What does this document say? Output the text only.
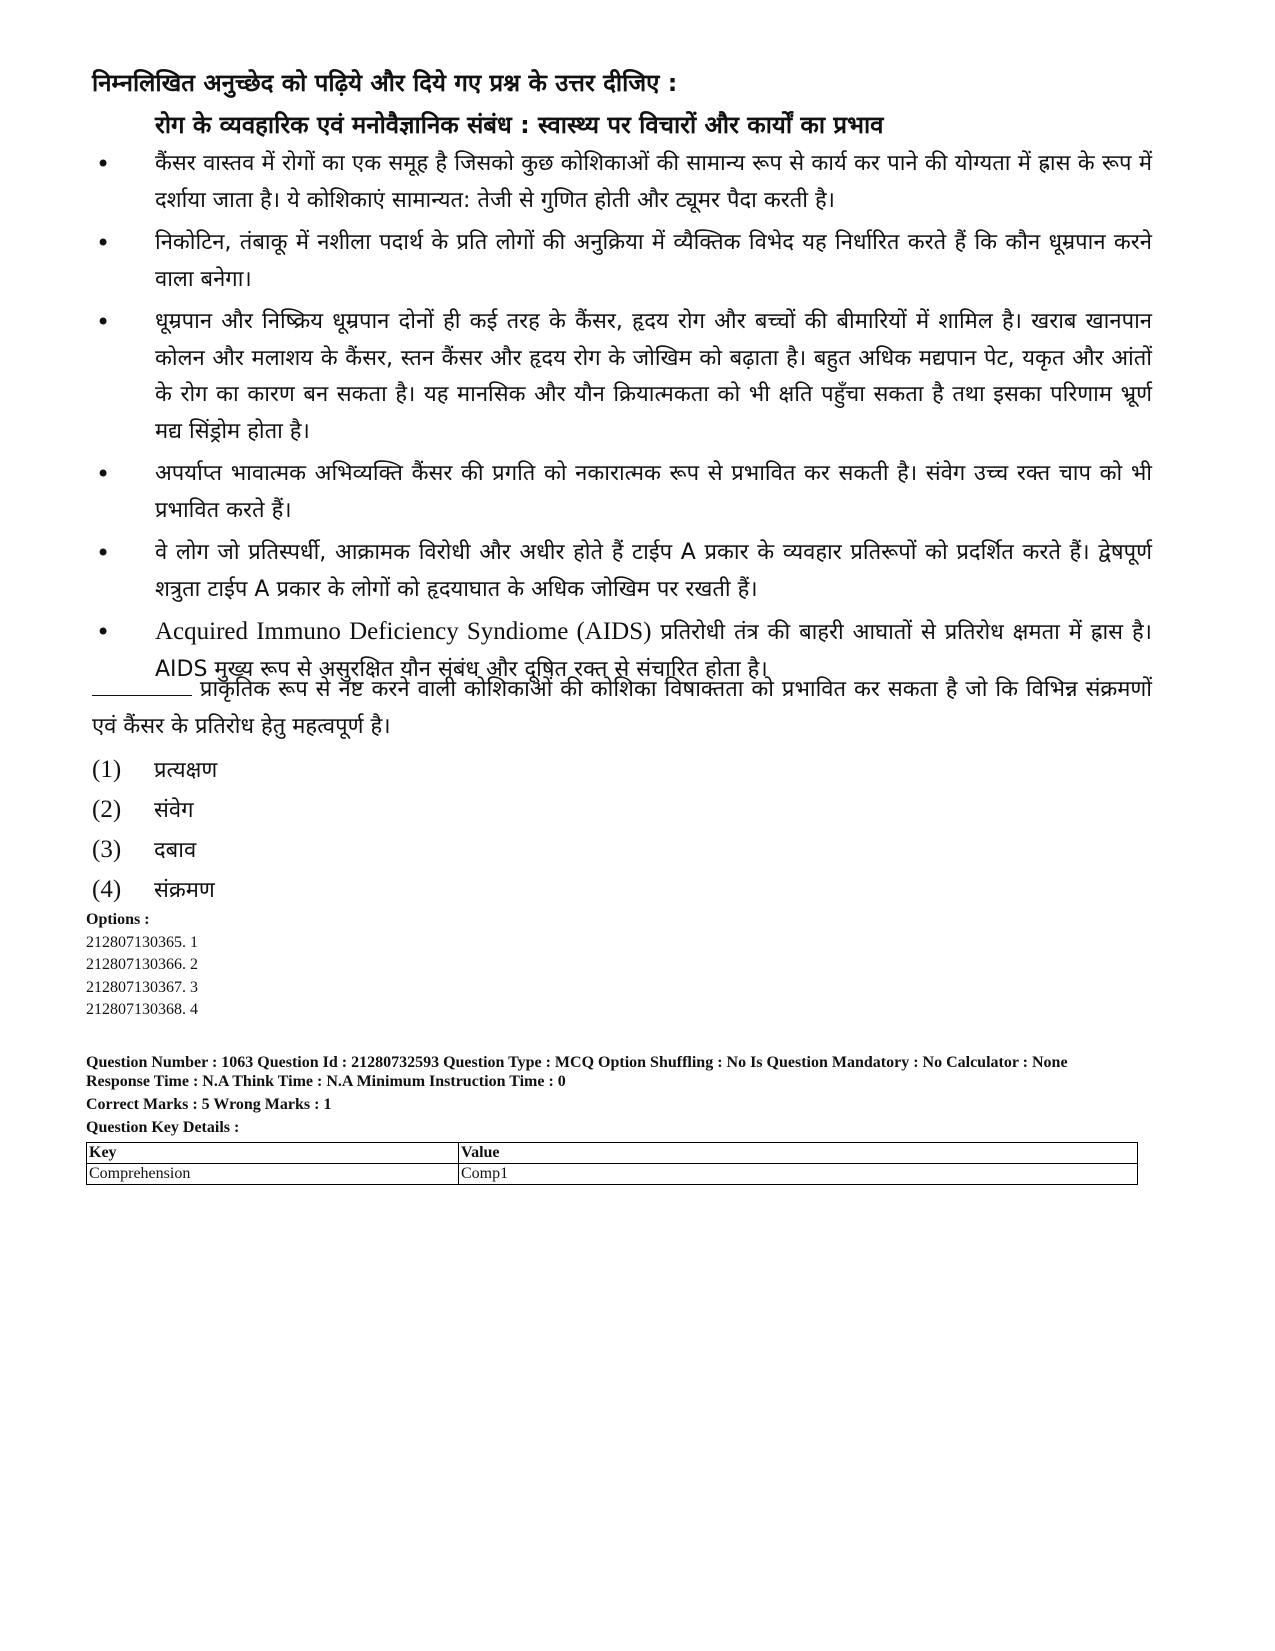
निम्नलिखित अनुच्छेद को पढ़िये और दिये गए प्रश्न के उत्तर दीजिए :
रोग के व्यवहारिक एवं मनोवैज्ञानिक संबंध : स्वास्थ्य पर विचारों और कार्यों का प्रभाव
• कैंसर वास्तव में रोगों का एक समूह है जिसको कुछ कोशिकाओं की सामान्य रूप से कार्य कर पाने की योग्यता में ह्रास के रूप में दर्शाया जाता है। ये कोशिकाएं सामान्यत: तेजी से गुणित होती और ट्यूमर पैदा करती है।
• निकोटिन, तंबाकू में नशीला पदार्थ के प्रति लोगों की अनुक्रिया में व्यैक्तिक विभेद यह निर्धारित करते हैं कि कौन धूम्रपान करने वाला बनेगा।
• धूम्रपान और निष्क्रिय धूम्रपान दोनों ही कई तरह के कैंसर, हृदय रोग और बच्चों की बीमारियों में शामिल है। खराब खानपान कोलन और मलाशय के कैंसर, स्तन कैंसर और हृदय रोग के जोखिम को बढ़ाता है। बहुत अधिक मद्यपान पेट, यकृत और आंतों के रोग का कारण बन सकता है। यह मानसिक और यौन क्रियात्मकता को भी क्षति पहुँचा सकता है तथा इसका परिणाम भ्रूर्ण मद्य सिंड्रोम होता है।
• अपर्याप्त भावात्मक अभिव्यक्ति कैंसर की प्रगति को नकारात्मक रूप से प्रभावित कर सकती है। संवेग उच्च रक्त चाप को भी प्रभावित करते हैं।
• वे लोग जो प्रतिस्पर्धी, आक्रामक विरोधी और अधीर होते हैं टाईप A प्रकार के व्यवहार प्रतिरूपों को प्रदर्शित करते हैं। द्वेषपूर्ण शत्रुता टाईप A प्रकार के लोगों को हृदयाघात के अधिक जोखिम पर रखती हैं।
• Acquired Immuno Deficiency Syndiome (AIDS) प्रतिरोधी तंत्र की बाहरी आघातों से प्रतिरोध क्षमता में ह्रास है। AIDS मुख्य रूप से असुरक्षित यौन संबंध और दूषित रक्त से संचारित होता है।
प्राकृतिक रूप से नष्ट करने वाली कोशिकाओं की कोशिका विषाक्तता को प्रभावित कर सकता है जो कि विभिन्न संक्रमणों एवं कैंसर के प्रतिरोध हेतु महत्वपूर्ण है।
(1) प्रत्यक्षण
(2) संवेग
(3) दबाव
(4) संक्रमण
Options :
212807130365. 1
212807130366. 2
212807130367. 3
212807130368. 4
Question Number : 1063 Question Id : 21280732593 Question Type : MCQ Option Shuffling : No Is Question Mandatory : No Calculator : None
Response Time : N.A Think Time : N.A Minimum Instruction Time : 0
Correct Marks : 5 Wrong Marks : 1
Question Key Details :
Key	Value
Comprehension	Comp1
